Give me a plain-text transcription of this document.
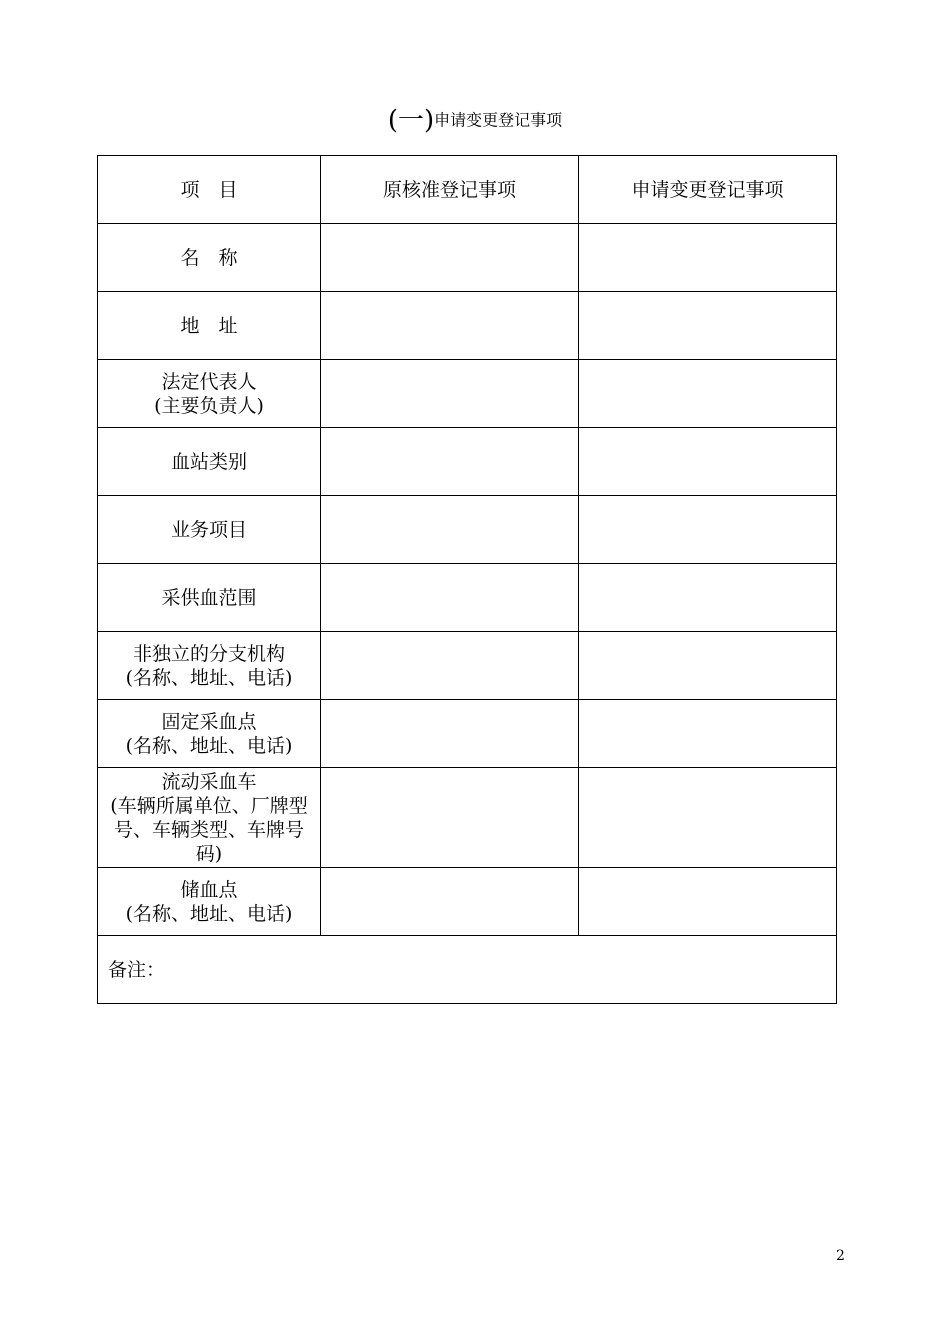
(一)申请变更登记事项
项　目	原核准登记事项	申请变更登记事项

名　称		

地　址		

法定代表人
(主要负责人)		

血站类别		

业务项目		

采供血范围		

非独立的分支机构
(名称、地址、电话)		

固定采血点
(名称、地址、电话)		

流动采血车
(车辆所属单位、厂牌型号、车辆类型、车牌号码)		

储血点
(名称、地址、电话)		

备注：		
2
